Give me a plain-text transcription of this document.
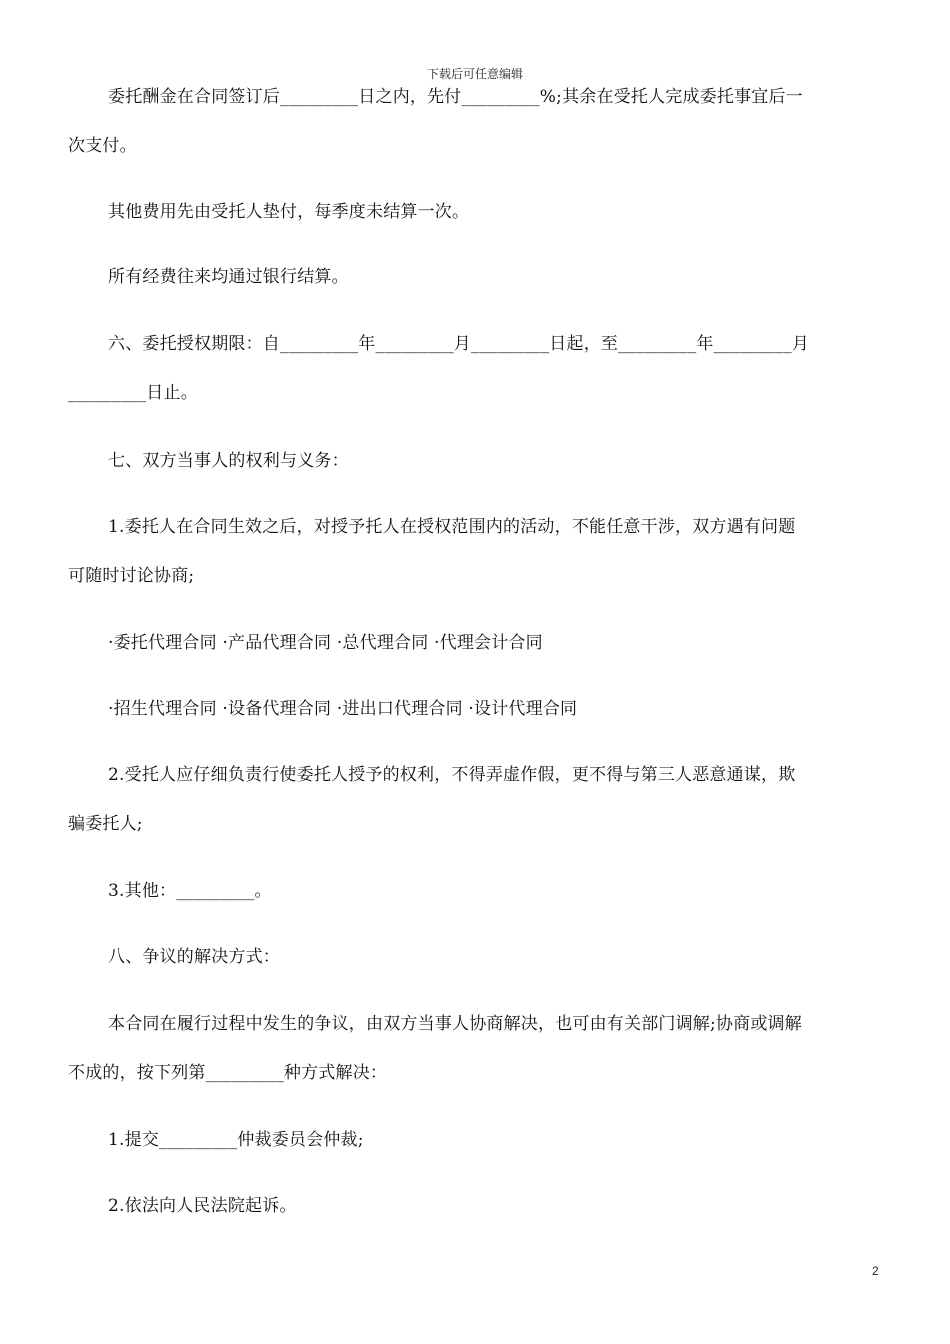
下载后可任意编辑
委托酬金在合同签订后_________日之内，先付_________%;其余在受托人完成委托事宜后一
次支付。
其他费用先由受托人垫付，每季度未结算一次。
所有经费往来均通过银行结算。
六、委托授权期限：自_________年_________月_________日起，至_________年_________月
_________日止。
七、双方当事人的权利与义务：
1.委托人在合同生效之后，对授予托人在授权范围内的活动，不能任意干涉，双方遇有问题
可随时讨论协商;
·委托代理合同 ·产品代理合同 ·总代理合同 ·代理会计合同
·招生代理合同 ·设备代理合同 ·进出口代理合同 ·设计代理合同
2.受托人应仔细负责行使委托人授予的权利，不得弄虚作假，更不得与第三人恶意通谋，欺
骗委托人;
3.其他：_________。
八、争议的解决方式：
本合同在履行过程中发生的争议，由双方当事人协商解决，也可由有关部门调解;协商或调解
不成的，按下列第_________种方式解决：
1.提交_________仲裁委员会仲裁;
2.依法向人民法院起诉。
2
